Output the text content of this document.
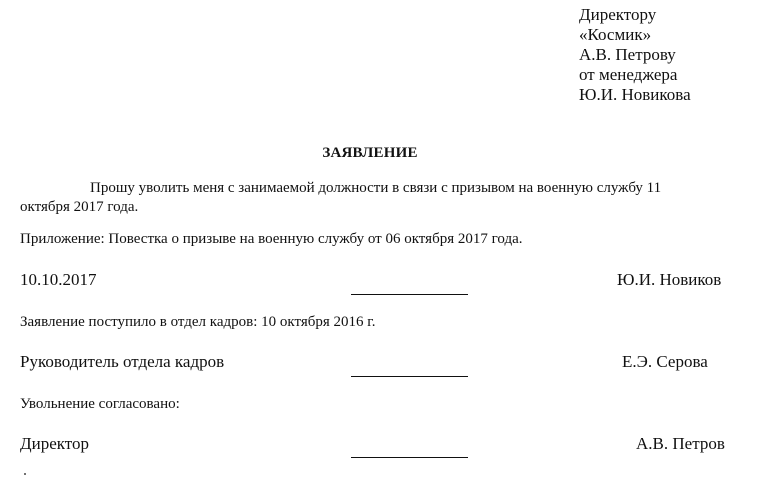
Директору
«Космик»
А.В. Петрову
от менеджера
Ю.И. Новикова
ЗАЯВЛЕНИЕ
Прошу уволить меня с занимаемой должности в связи с призывом на военную службу 11
октября 2017 года.
Приложение: Повестка о призыве на военную службу от 06 октября 2017 года.
10.10.2017	Ю.И. Новиков
Заявление поступило в отдел кадров: 10 октября 2016 г.
Руководитель отдела кадров	Е.Э. Серова
Увольнение согласовано:
Директор	А.В. Петров
